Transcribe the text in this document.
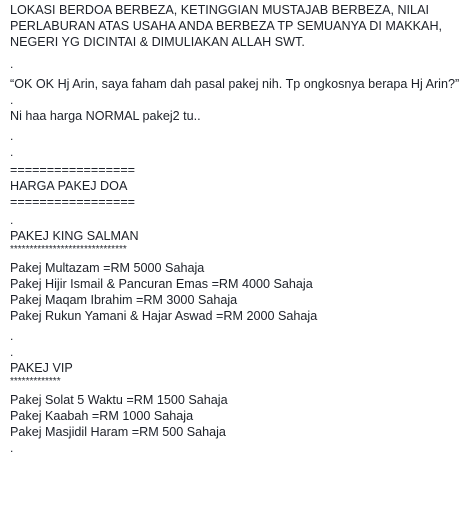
LOKASI BERDOA BERBEZA, KETINGGIAN MUSTAJAB BERBEZA, NILAI PERLABURAN ATAS USAHA ANDA BERBEZA TP SEMUANYA DI MAKKAH, NEGERI YG DICINTAI & DIMULIAKAN ALLAH SWT.

.

“OK OK Hj Arin, saya faham dah pasal pakej nih. Tp ongkosnya berapa Hj Arin?”

.

Ni haa harga NORMAL pakej2 tu..

.
.
=================
HARGA PAKEJ DOA
=================
.
PAKEJ KING SALMAN
******************************
Pakej Multazam =RM 5000 Sahaja
Pakej Hijir Ismail & Pancuran Emas =RM 4000 Sahaja
Pakej Maqam Ibrahim =RM 3000 Sahaja
Pakej Rukun Yamani & Hajar Aswad =RM 2000 Sahaja
.
.
PAKEJ VIP
*************
Pakej Solat 5 Waktu =RM 1500 Sahaja
Pakej Kaabah =RM 1000 Sahaja
Pakej Masjidil Haram =RM 500 Sahaja
.
